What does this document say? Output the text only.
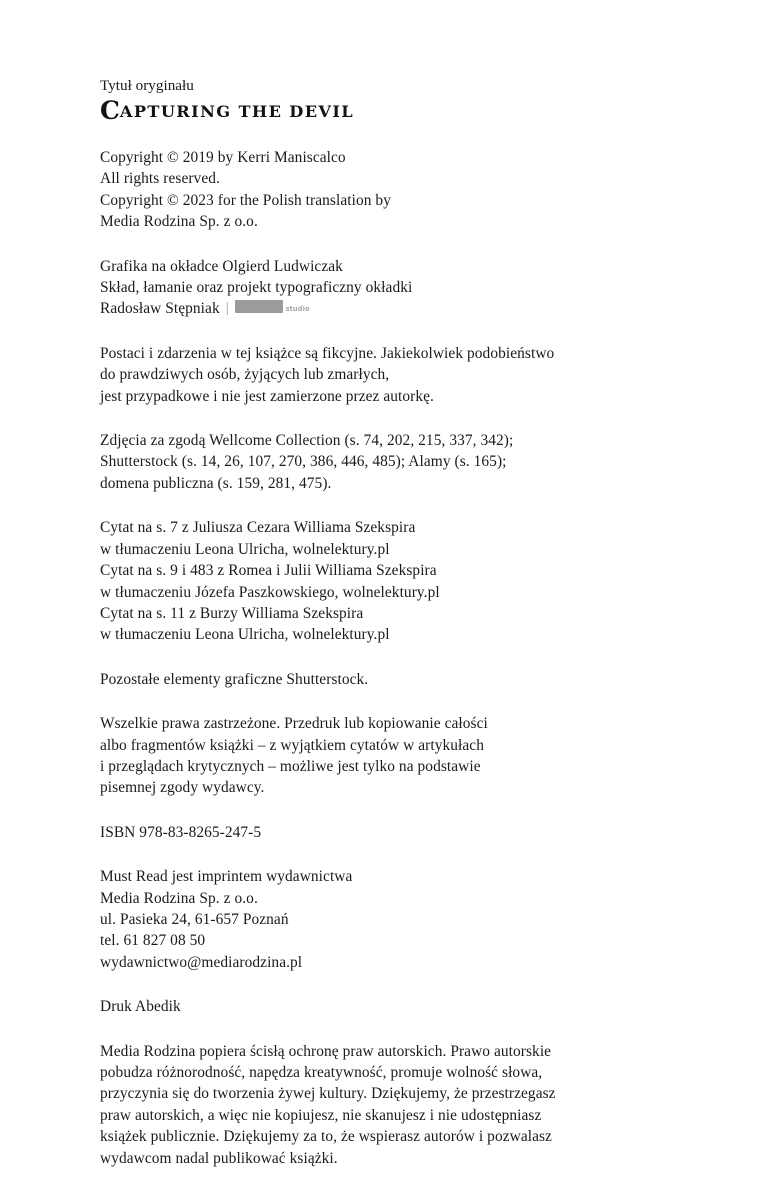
Tytuł oryginału
C APTURING THE DEVIL
Copyright © 2019 by Kerri Maniscalco
All rights reserved.
Copyright © 2023 for the Polish translation by
Media Rodzina Sp. z o.o.
Grafika na okładce Olgierd Ludwiczak
Skład, łamanie oraz projekt typograficzny okładki
Radosław Stępniak |	studio
Postaci i zdarzenia w tej książce są fikcyjne. Jakiekolwiek podobieństwo
do prawdziwych osób, żyjących lub zmarłych,
jest przypadkowe i nie jest zamierzone przez autorkę.
Zdjęcia za zgodą Wellcome Collection (s. 74, 202, 215, 337, 342);
Shutterstock (s. 14, 26, 107, 270, 386, 446, 485); Alamy (s. 165);
domena publiczna (s. 159, 281, 475).
Cytat na s. 7 z Juliusza Cezara Williama Szekspira
w tłumaczeniu Leona Ulricha, wolnelektury.pl
Cytat na s. 9 i 483 z Romea i Julii Williama Szekspira
w tłumaczeniu Józefa Paszkowskiego, wolnelektury.pl
Cytat na s. 11 z Burzy Williama Szekspira
w tłumaczeniu Leona Ulricha, wolnelektury.pl
Pozostałe elementy graficzne Shutterstock.
Wszelkie prawa zastrzeżone. Przedruk lub kopiowanie całości
albo fragmentów książki – z wyjątkiem cytatów w artykułach
i przeglądach krytycznych – możliwe jest tylko na podstawie
pisemnej zgody wydawcy.
ISBN 978-83-8265-247-5
Must Read jest imprintem wydawnictwa
Media Rodzina Sp. z o.o.
ul. Pasieka 24, 61-657 Poznań
tel. 61 827 08 50
wydawnictwo@mediarodzina.pl
Druk Abedik
Media Rodzina popiera ścisłą ochronę praw autorskich. Prawo autorskie
pobudza różnorodność, napędza kreatywność, promuje wolność słowa,
przyczynia się do tworzenia żywej kultury. Dziękujemy, że przestrzegasz
praw autorskich, a więc nie kopiujesz, nie skanujesz i nie udostępniasz
książek publicznie. Dziękujemy za to, że wspierasz autorów i pozwalasz
wydawcom nadal publikować książki.
